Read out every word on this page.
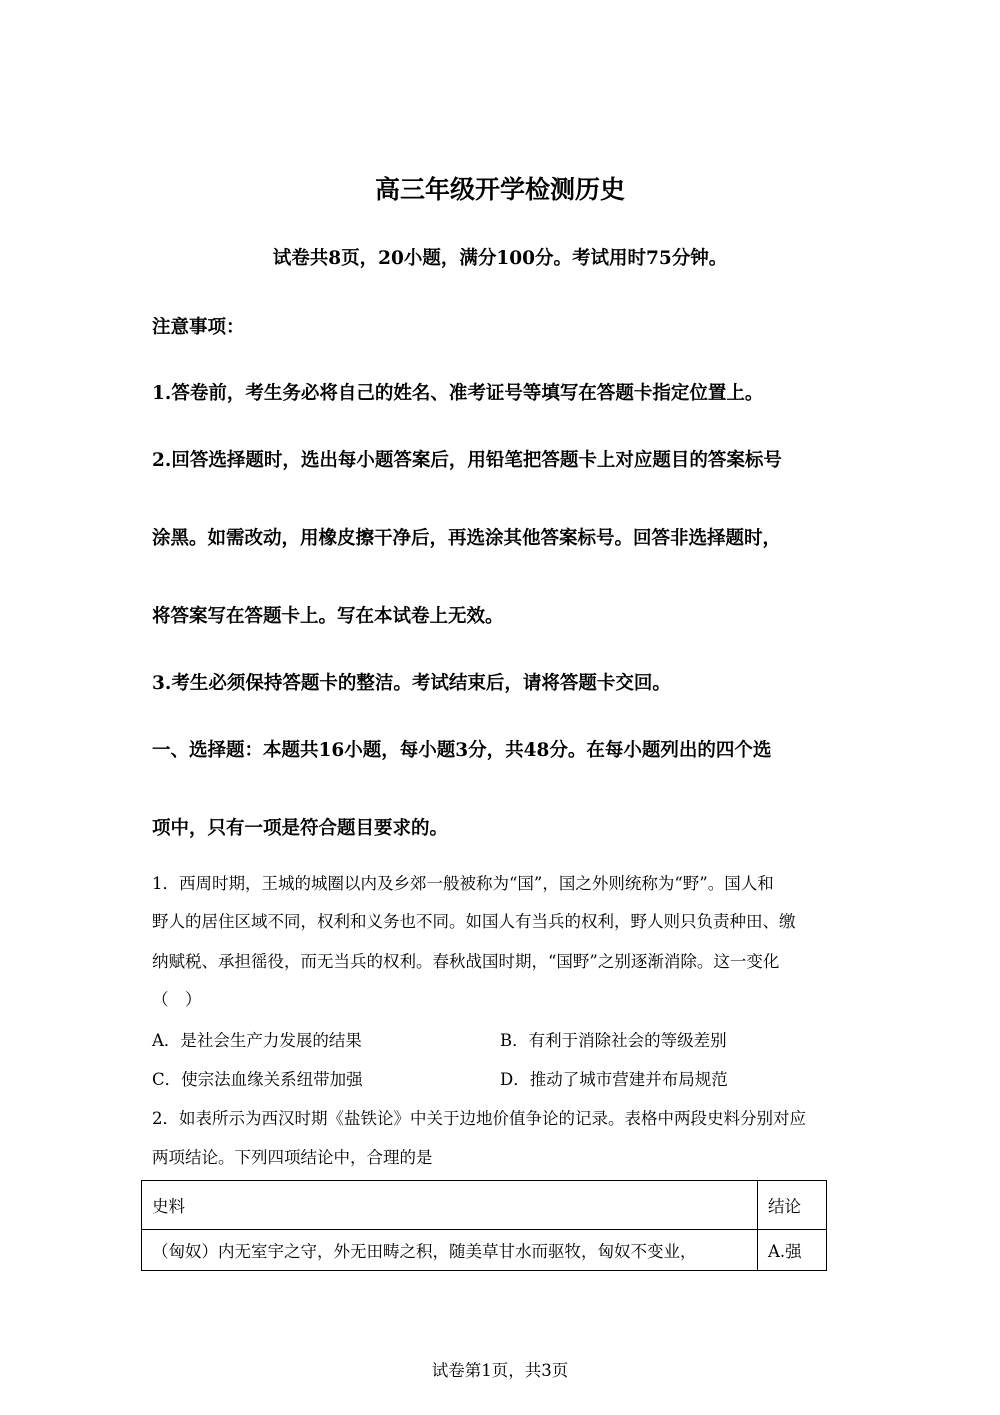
高三年级开学检测历史
试卷共8页，20小题，满分100分。考试用时75分钟。
注意事项：
1.答卷前，考生务必将自己的姓名、准考证号等填写在答题卡指定位置上。
2.回答选择题时，选出每小题答案后，用铅笔把答题卡上对应题目的答案标号
涂黑。如需改动，用橡皮擦干净后，再选涂其他答案标号。回答非选择题时，
将答案写在答题卡上。写在本试卷上无效。
3.考生必须保持答题卡的整洁。考试结束后，请将答题卡交回。
一、选择题：本题共16小题，每小题3分，共48分。在每小题列出的四个选
项中，只有一项是符合题目要求的。
1．西周时期，王城的城圈以内及乡郊一般被称为“国”，国之外则统称为“野”。国人和
野人的居住区域不同，权利和义务也不同。如国人有当兵的权利，野人则只负责种田、缴
纳赋税、承担徭役，而无当兵的权利。春秋战国时期，“国野”之别逐渐消除。这一变化
（　）
A．是社会生产力发展的结果	B．有利于消除社会的等级差别
C．使宗法血缘关系纽带加强	D．推动了城市营建并布局规范
2．如表所示为西汉时期《盐铁论》中关于边地价值争论的记录。表格中两段史料分别对应
两项结论。下列四项结论中，合理的是
史料	结论
（匈奴）内无室宇之守，外无田畴之积，随美草甘水而驱牧，匈奴不变业，	A.强
试卷第1页，共3页
